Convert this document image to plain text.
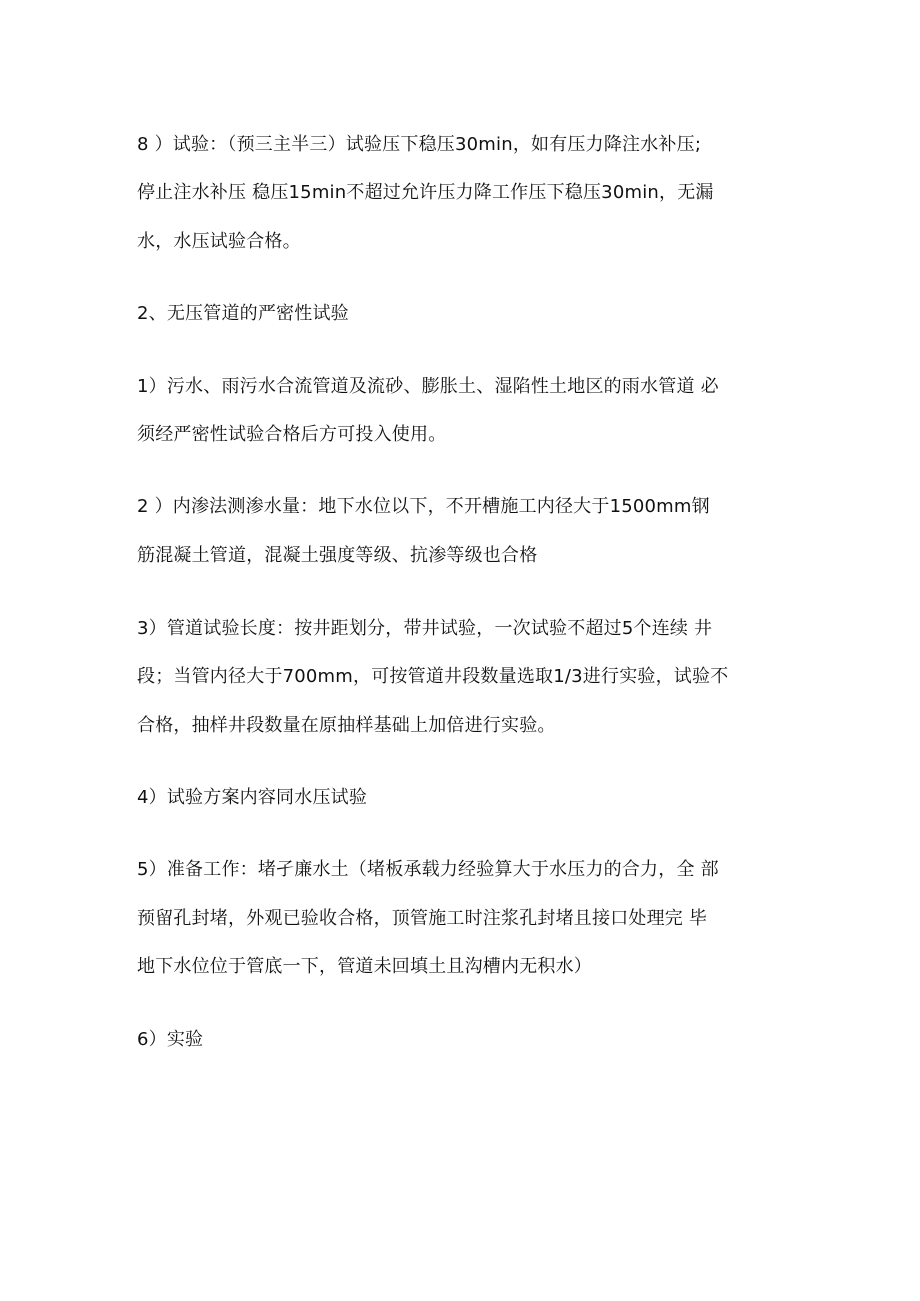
8 ）试验：（预三主半三）试验压下稳压30min，如有压力降注水补压;
停止注水补压 稳压15min不超过允许压力降工作压下稳压30min，无漏
水，水压试验合格。
2、无压管道的严密性试验
1）污水、雨污水合流管道及流砂、膨胀土、湿陷性土地区的雨水管道 必
须经严密性试验合格后方可投入使用。
2 ）内渗法测渗水量：地下水位以下，不开槽施工内径大于1500mm钢
筋混凝土管道，混凝土强度等级、抗渗等级也合格
3）管道试验长度：按井距划分，带井试验，一次试验不超过5个连续 井
段；当管内径大于700mm，可按管道井段数量选取1/3进行实验，试验不
合格，抽样井段数量在原抽样基础上加倍进行实验。
4）试验方案内容同水压试验
5）准备工作：堵孑廉水土（堵板承载力经验算大于水压力的合力，全 部
预留孔封堵，外观已验收合格，顶管施工时注浆孔封堵且接口处理完 毕
地下水位位于管底一下，管道未回填土且沟槽内无积水）
6）实验
